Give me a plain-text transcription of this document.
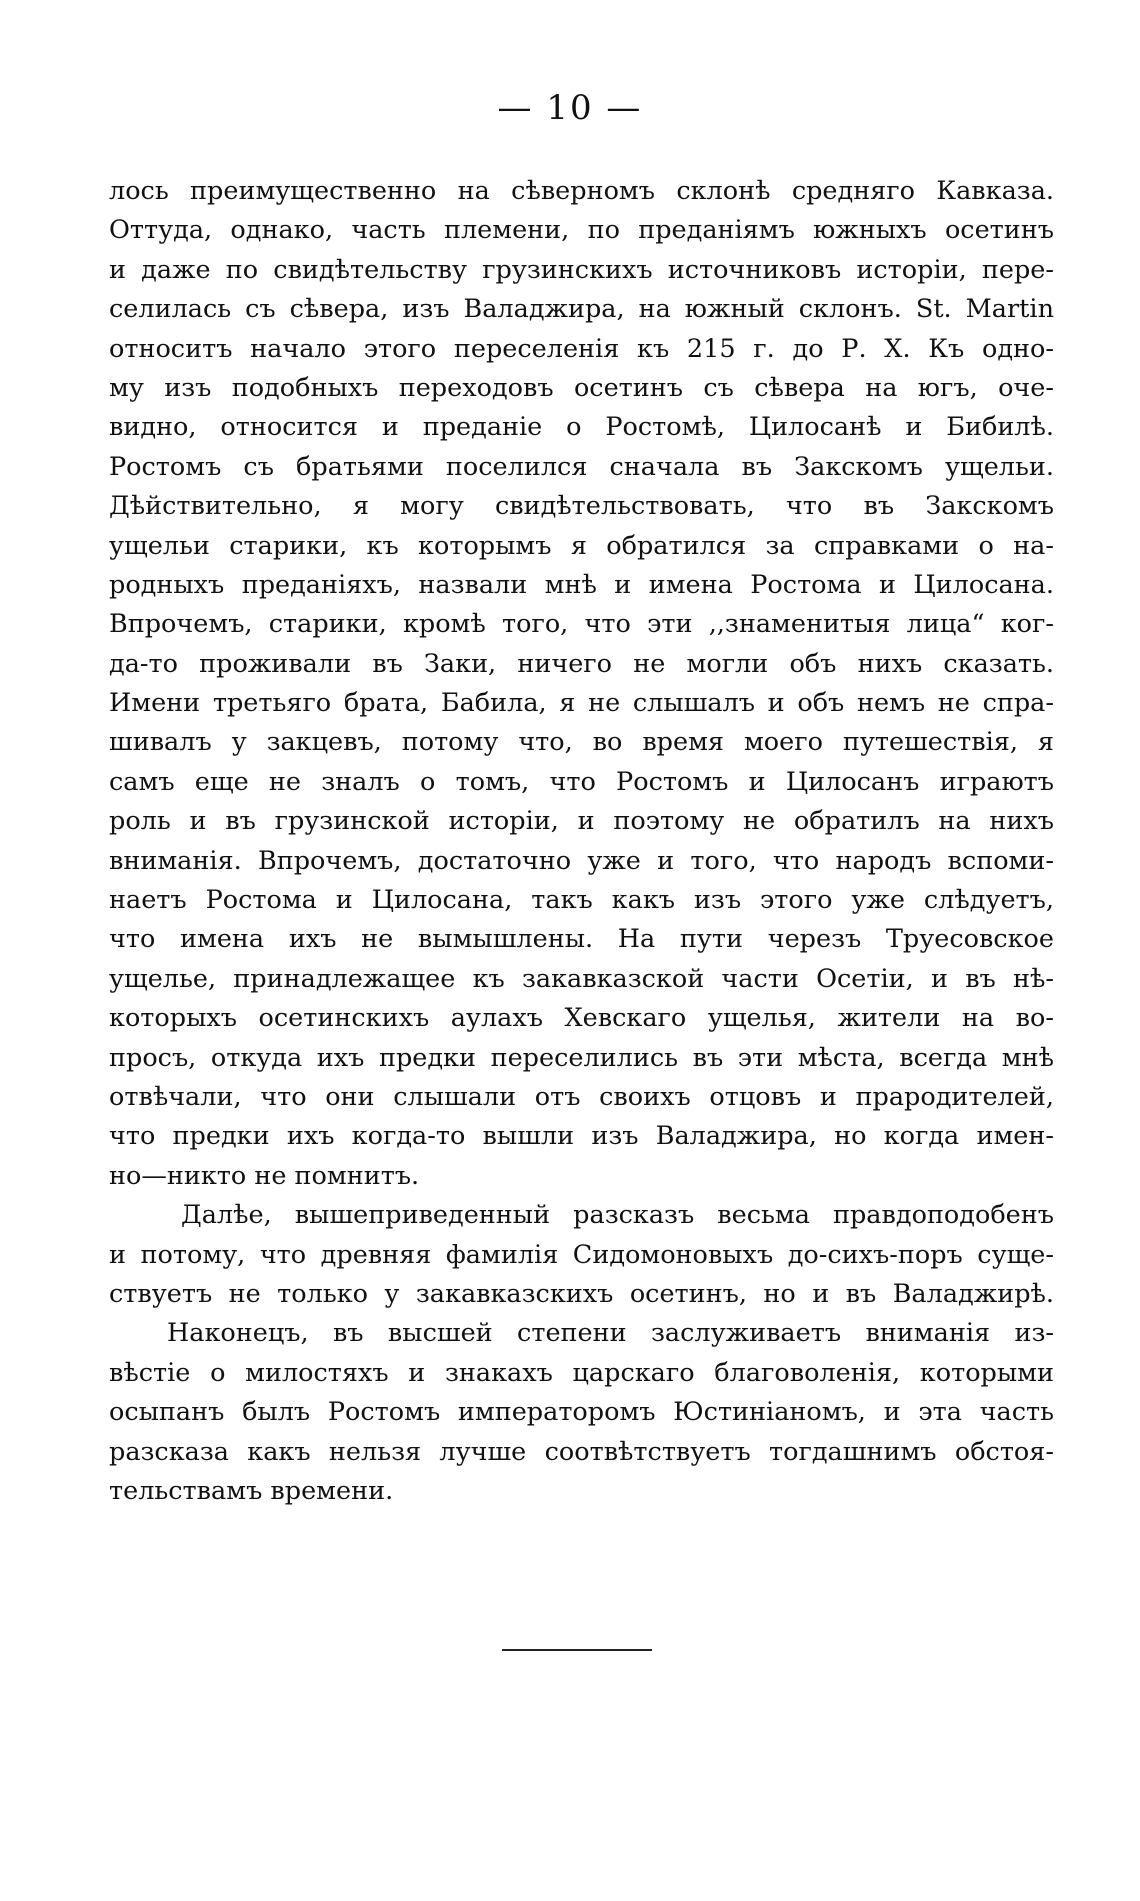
— 10 —
лось преимущественно на сѣверномъ склонѣ средняго Кавказа.
Оттуда, однако, часть племени, по преданіямъ южныхъ осетинъ
и даже по свидѣтельству грузинскихъ источниковъ исторіи, пере-
селилась съ сѣвера, изъ Валаджира, на южный склонъ. St. Martin
относитъ начало этого переселенія къ 215 г. до Р. Х. Къ одно-
му изъ подобныхъ переходовъ осетинъ съ сѣвера на югъ, оче-
видно, относится и преданіе о Ростомѣ, Цилосанѣ и Бибилѣ.
Ростомъ съ братьями поселился сначала въ Закскомъ ущельи.
Дѣйствительно, я могу свидѣтельствовать, что въ Закскомъ
ущельи старики, къ которымъ я обратился за справками о на-
родныхъ преданіяхъ, назвали мнѣ и имена Ростома и Цилосана.
Впрочемъ, старики, кромѣ того, что эти ,,знаменитыя лица“ ког-
да-то проживали въ Заки, ничего не могли объ нихъ сказать.
Имени третьяго брата, Бабила, я не слышалъ и объ немъ не спра-
шивалъ у закцевъ, потому что, во время моего путешествія, я
самъ еще не зналъ о томъ, что Ростомъ и Цилосанъ играютъ
роль и въ грузинской исторіи, и поэтому не обратилъ на нихъ
вниманія. Впрочемъ, достаточно уже и того, что народъ вспоми-
наетъ Ростома и Цилосана, такъ какъ изъ этого уже слѣдуетъ,
что имена ихъ не вымышлены. На пути черезъ Труесовское
ущелье, принадлежащее къ закавказской части Осетіи, и въ нѣ-
которыхъ осетинскихъ аулахъ Хевскаго ущелья, жители на во-
просъ, откуда ихъ предки переселились въ эти мѣста, всегда мнѣ
отвѣчали, что они слышали отъ своихъ отцовъ и прародителей,
что предки ихъ когда-то вышли изъ Валаджира, но когда имен-
но—никто не помнитъ.
Далѣе, вышеприведенный разсказъ весьма правдоподобенъ
и потому, что древняя фамилія Сидомоновыхъ до-сихъ-поръ суще-
ствуетъ не только у закавказскихъ осетинъ, но и въ Валаджирѣ.
Наконецъ, въ высшей степени заслуживаетъ вниманія из-
вѣстіе о милостяхъ и знакахъ царскаго благоволенія, которыми
осыпанъ былъ Ростомъ императоромъ Юстиніаномъ, и эта часть
разсказа какъ нельзя лучше соотвѣтствуетъ тогдашнимъ обстоя-
тельствамъ времени.
